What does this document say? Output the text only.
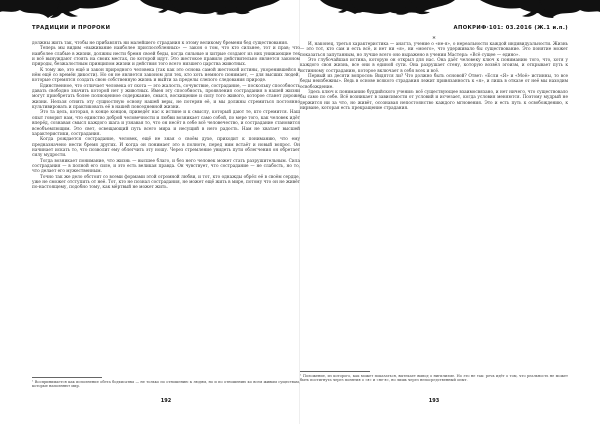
ТРАДИЦИИ И ПРОРОКИ

должны жить так, чтобы не прибавлять ни малейшего страдания к этому великому бремени бед существования.

Теперь мы видим «выживание наиболее приспособленных» — закон о том, что кто сильнее, тот и прав; что наиболее слабые в жизни, должны нести бремя своей беды, когда сильные и хитрые создают из них унижающие тех и всё вынуждают стоять на своих местах, по которой идут. Это жестокое правило действительно является законом природы, безжалостным принципом жизни и действия того всего низшего царства животных.

К тому же, это ещё и закон природного человека (так как это основа самой жестокой истины, укоренившейся в нём ещё со времён дикости). Но он не является законом для тех, кто хоть немного понимает, — для высших людей, которые стремятся создать свою собственную жизнь и выйти за пределы слепого следования природе.

Единственное, что отличает человека от скота — это жалость, сочувствие, сострадание, — поскольку способность давать свободно значить которой нет у животных. Имея эту способность, проявления сострадания в нашей жизни могут приобретать более полноценное содержание, смысл, восхищение и силу того живого, которое станет дороже жизни. Нельзя отнять эту сущностную основу нашей веры, не потеряв её, и мы должны стремиться постоянно культивировать и практиковать её в нашей повседневной жизни.

Это та цель, которая, в конце концов, приведёт нас к истине и к смыслу, который дают те, кто стремится. Наш опыт говорит нам, что единство доброй человечности и любви возникает само собой, по мере того, как человек идёт вперёд, сознавая смысл каждого шага и узнавая то, что он несёт в себе всё человечество, и сострадание становится всеобъемлющим. Это свет, освещающий путь всего мира и несущий в него радость. Нам не хватает высшей характеристики, сострадания.

Когда рождается сострадание, человек, ещё не зная о своём духе, приходит к пониманию, что ему предназначено нести бремя других. И когда он понимает это в полноте, перед ним встаёт и новый вопрос. Он начинает искать то, что позволит ему облегчить эту ношу. Через стремление увидеть пути облегчения он обретает силу мудрости.

Тогда возникает понимание, что жизнь — высшее благо, и без него человек может стать разрушительным. Сила сострадания — в полной его силе, и это есть великая правда. Он чувствует, что сострадание — не слабость, но то, что делает его мужественным.

Точно так же дело обстоит со всеми формами этой огромной любви, и тот, кто однажды обрёл её в своём сердце, уже не сможет отступить от неё. Тот, кто не познал сострадания, не может ещё жить в мире, потому что он не живёт по-настоящему, подобно тому, как мёртвый не может жить.

¹ Воспринимается как исполнение обета бодхисатвы — не только по отношению к людям, но и по отношению ко всем живым существам, которые наполняют мир.
192
АПОКРИФ·101: 03.2016 (Ж.1 и.п.)
*

И, наконец, третья характеристика — анатта, учение о «не-я», о нереальности каждой индивидуальности. Жизнь — это тот, кто сам и есть всё, и нет ни «я», ни «моего», что удерживало бы существование. Это понятие может показаться запутанным, но лучше всего оно выражено в учении Мастера: «Всё сущее — едино».

Это глубочайшая истина, которую он открыл для нас. Она даёт человеку ключ к пониманию того, что, хотя у каждого своя жизнь, все они в единой сути. Она разрушает стену, которую возвёл эгоизм, и открывает путь к истинному состраданию, которое включает в себя всех и всё.

Первый из десяти вопросов: Видятся ли? Что должно быть основой? Ответ: «Если «Я» и «Моё» истинны, то все беды неизбежны». Ведь в основе всякого страдания лежит привязанность к «я», и лишь в отказе от неё мы находим освобождение.

Здесь ключ к пониманию буддийского учения: всё существующее взаимосвязано, и нет ничего, что существовало бы само по себе. Всё возникает в зависимости от условий и исчезает, когда условия меняются. Поэтому мудрый не держится ни за что, но живёт, осознавая непостоянство каждого мгновения. Это и есть путь к освобождению, к нирване, которая есть прекращение страдания.

¹ Положение, из которого, как может показаться, вытекает вывод о нигилизме. Но это не так: речь идёт о том, что реальность не может быть постигнута через понятия о «я» и «не-я», но лишь через непосредственный опыт.
193
